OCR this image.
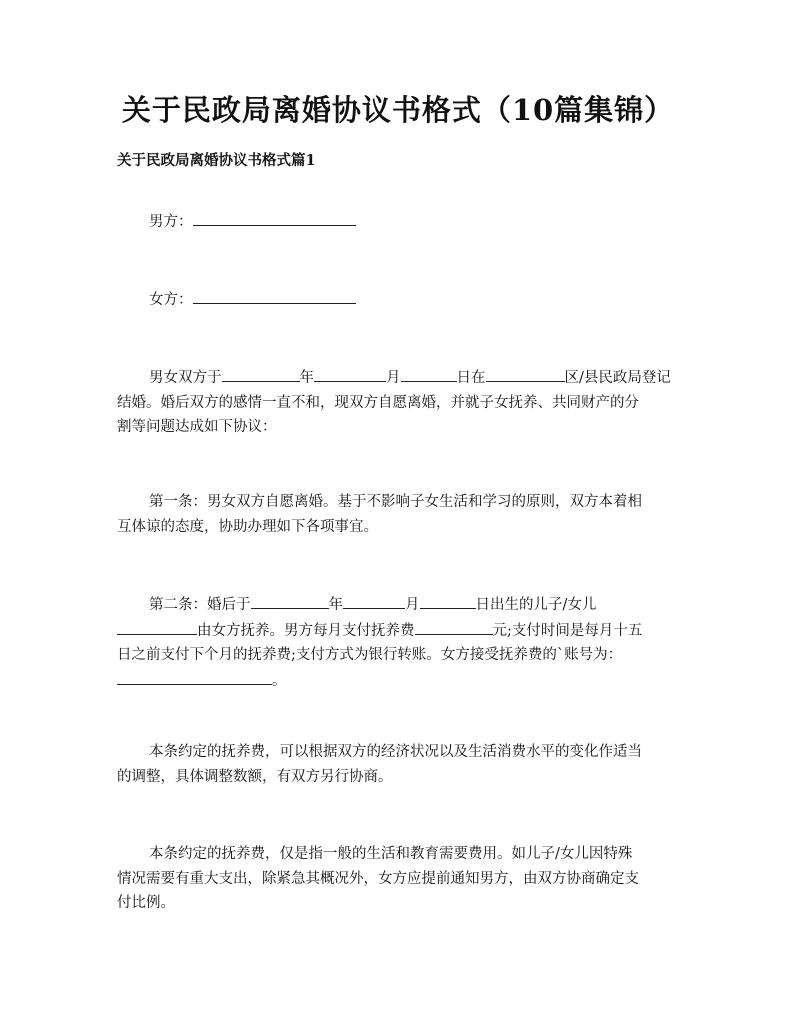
关于民政局离婚协议书格式（10篇集锦）
关于民政局离婚协议书格式篇1
男方：
女方：
男女双方于	年	月	日在	区/县民政局登记
结婚。婚后双方的感情一直不和，现双方自愿离婚，并就子女抚养、共同财产的分
割等问题达成如下协议：
第一条：男女双方自愿离婚。基于不影响子女生活和学习的原则，双方本着相
互体谅的态度，协助办理如下各项事宜。
第二条：婚后于	年	月	日出生的儿子/女儿
由女方抚养。男方每月支付抚养费	元;支付时间是每月十五
日之前支付下个月的抚养费;支付方式为银行转账。女方接受抚养费的`账号为：
。
本条约定的抚养费，可以根据双方的经济状况以及生活消费水平的变化作适当
的调整，具体调整数额，有双方另行协商。
本条约定的抚养费，仅是指一般的生活和教育需要费用。如儿子/女儿因特殊
情况需要有重大支出，除紧急其概况外，女方应提前通知男方，由双方协商确定支
付比例。
